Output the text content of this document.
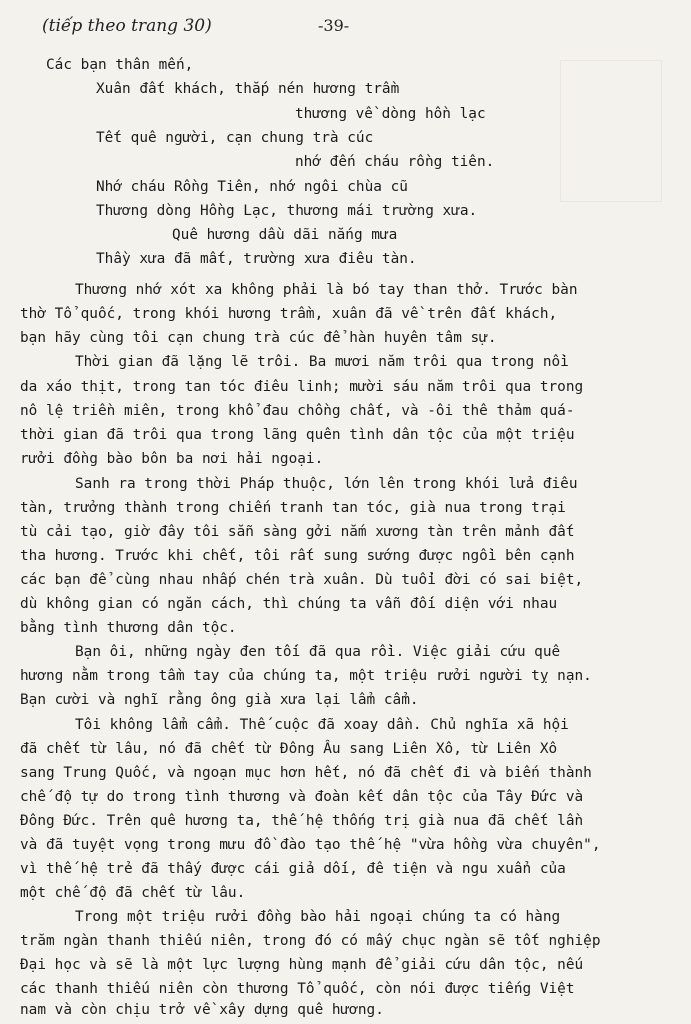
(tiếp theo trang 30)	-39-
Các bạn thân mến,
Xuân đất khách, thắp nén hương trầm
thương về dòng hồn lạc
Tết quê người, cạn chung trà cúc
nhớ đến cháu rồng tiên.
Nhớ cháu Rồng Tiên, nhớ ngôi chùa cũ
Thương dòng Hồng Lạc, thương mái trường xưa.
Quê hương dầu dãi nắng mưa
Thầy xưa đã mất, trường xưa điêu tàn.
Thương nhớ xót xa không phải là bó tay than thở. Trước bàn
thờ Tổ quốc, trong khói hương trầm, xuân đã về trên đất khách,
bạn hãy cùng tôi cạn chung trà cúc để hàn huyên tâm sự.
Thời gian đã lặng lẽ trôi. Ba mươi năm trôi qua trong nồi
da xáo thịt, trong tan tóc điêu linh; mười sáu năm trôi qua trong
nô lệ triền miên, trong khổ đau chồng chất, và -ôi thê thảm quá-
thời gian đã trôi qua trong lãng quên tình dân tộc của một triệu
rưởi đồng bào bôn ba nơi hải ngoại.
Sanh ra trong thời Pháp thuộc, lớn lên trong khói lửa điêu
tàn, trưởng thành trong chiến tranh tan tóc, già nua trong trại
tù cải tạo, giờ đây tôi sẵn sàng gởi nắm xương tàn trên mảnh đất
tha hương. Trước khi chết, tôi rất sung sướng được ngồi bên cạnh
các bạn để cùng nhau nhấp chén trà xuân. Dù tuổi đời có sai biệt,
dù không gian có ngăn cách, thì chúng ta vẫn đối diện với nhau
bằng tình thương dân tộc.
Bạn ôi, những ngày đen tối đã qua rồi. Việc giải cứu quê
hương nằm trong tầm tay của chúng ta, một triệu rưởi người tỵ nạn.
Bạn cười và nghĩ rằng ông già xưa lại lẩm cẩm.
Tôi không lẩm cẩm. Thế cuộc đã xoay dần. Chủ nghĩa xã hội
đã chết từ lâu, nó đã chết từ Đông Âu sang Liên Xô, từ Liên Xô
sang Trung Quốc, và ngoạn mục hơn hết, nó đã chết đi và biến thành
chế độ tự do trong tình thương và đoàn kết dân tộc của Tây Đức và
Đông Đức. Trên quê hương ta, thế hệ thống trị già nua đã chết lần
và đã tuyệt vọng trong mưu đồ đào tạo thế hệ "vừa hồng vừa chuyên",
vì thế hệ trẻ đã thấy được cái giả dối, đê tiện và ngu xuẩn của
một chế độ đã chết từ lâu.
Trong một triệu rưởi đồng bào hải ngoại chúng ta có hàng
trăm ngàn thanh thiếu niên, trong đó có mấy chục ngàn sẽ tốt nghiệp
Đại học và sẽ là một lực lượng hùng mạnh để giải cứu dân tộc, nếu
các thanh thiếu niên còn thương Tổ quốc, còn nói được tiếng Việt
nam và còn chịu trở về xây dựng quê hương.
